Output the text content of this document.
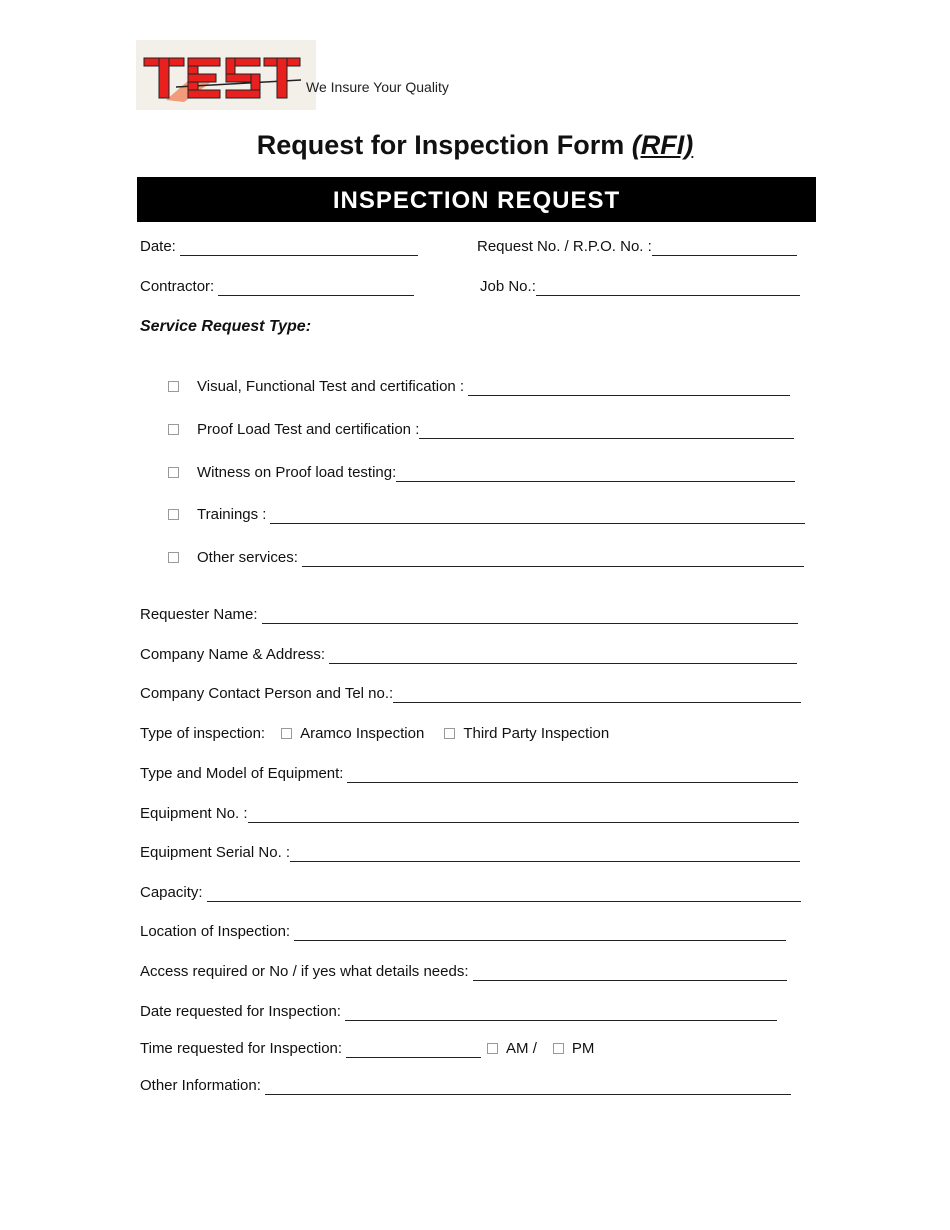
We Insure Your Quality
Request for Inspection Form (RFI)
INSPECTION REQUEST
Date:	Request No. / R.P.O. No. :
Contractor:	Job No.:
Service Request Type:
Visual, Functional Test and certification :
Proof Load Test and certification :
Witness on Proof load testing:
Trainings :
Other services:
Requester Name:
Company Name & Address:
Company Contact Person and Tel no.:
Type of inspection: Aramco Inspection	Third Party Inspection
Type and Model of Equipment:
Equipment No. :
Equipment Serial No. :
Capacity:
Location of Inspection:
Access required or No / if yes what details needs:
Date requested for Inspection:
Time requested for Inspection:	AM / PM
Other Information:
